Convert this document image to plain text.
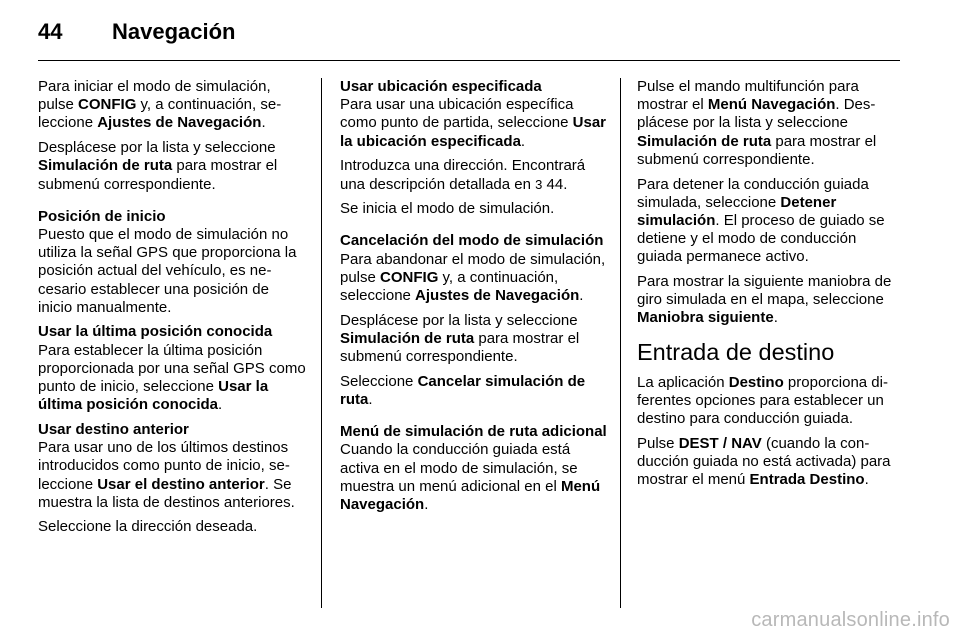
44 Navegación

Para iniciar el modo de simulación, pulse CONFIG y, a continuación, seleccione Ajustes de Navegación.

Desplácese por la lista y seleccione Simulación de ruta para mostrar el submenú correspondiente.

Posición de inicio

Puesto que el modo de simulación no utiliza la señal GPS que proporciona la posición actual del vehículo, es necesario establecer una posición de inicio manualmente.

Usar la última posición conocida

Para establecer la última posición proporcionada por una señal GPS como punto de inicio, seleccione Usar la última posición conocida.

Usar destino anterior

Para usar uno de los últimos destinos introducidos como punto de inicio, seleccione Usar el destino anterior. Se muestra la lista de destinos anteriores.

Seleccione la dirección deseada.

Usar ubicación especificada

Para usar una ubicación específica como punto de partida, seleccione Usar la ubicación especificada.

Introduzca una dirección. Encontrará una descripción detallada en 3 44.

Se inicia el modo de simulación.

Cancelación del modo de simulación

Para abandonar el modo de simulación, pulse CONFIG y, a continuación, seleccione Ajustes de Navegación.

Desplácese por la lista y seleccione Simulación de ruta para mostrar el submenú correspondiente.

Seleccione Cancelar simulación de ruta.

Menú de simulación de ruta adicional

Cuando la conducción guiada está activa en el modo de simulación, se muestra un menú adicional en el Menú Navegación.

Pulse el mando multifunción para mostrar el Menú Navegación. Desplácese por la lista y seleccione Simulación de ruta para mostrar el submenú correspondiente.

Para detener la conducción guiada simulada, seleccione Detener simulación. El proceso de guiado se detiene y el modo de conducción guiada permanece activo.

Para mostrar la siguiente maniobra de giro simulada en el mapa, seleccione Maniobra siguiente.

Entrada de destino

La aplicación Destino proporciona diferentes opciones para establecer un destino para conducción guiada.

Pulse DEST / NAV (cuando la conducción guiada no está activada) para mostrar el menú Entrada Destino.

carmanualsonline.info
